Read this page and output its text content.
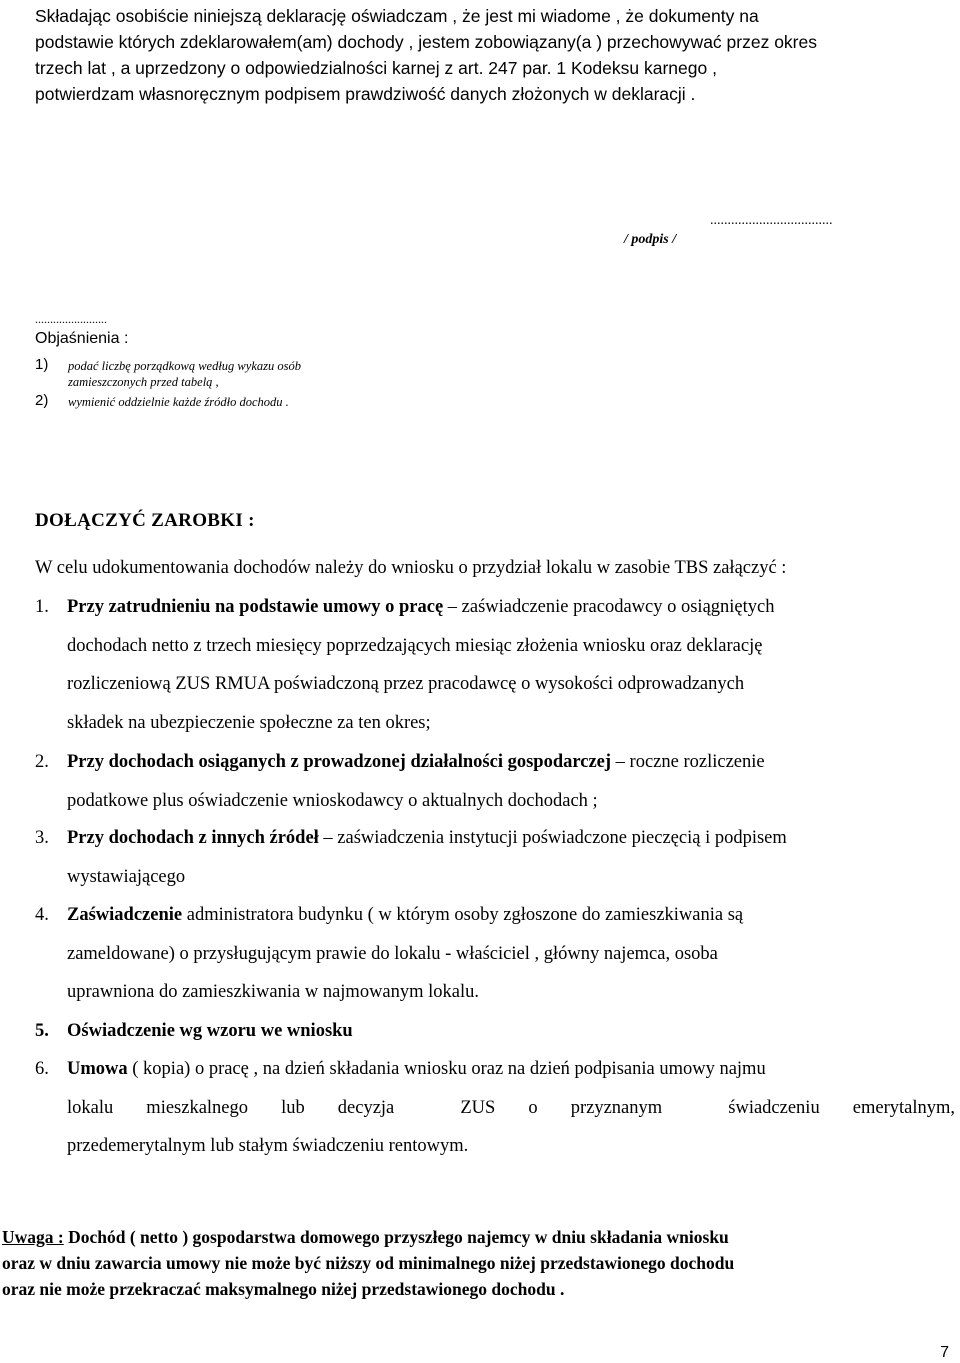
Składając osobiście niniejszą deklarację oświadczam , że jest mi wiadome , że dokumenty na
podstawie których zdeklarowałem(am) dochody , jestem zobowiązany(a ) przechowywać przez okres
trzech lat , a uprzedzony o odpowiedzialności karnej z art. 247 par. 1 Kodeksu karnego ,
potwierdzam własnoręcznym podpisem prawdziwość danych złożonych w deklaracji .
...................................
/ podpis /
........................
Objaśnienia :
1) podać liczbę porządkową według wykazu osób
zamieszczonych przed tabelą ,
2) wymienić oddzielnie każde źródło dochodu .
DOŁĄCZYĆ ZAROBKI :
W celu udokumentowania dochodów należy do wniosku o przydział lokalu w zasobie TBS załączyć :
1. Przy zatrudnieniu na podstawie umowy o pracę – zaświadczenie pracodawcy o osiągniętych
dochodach netto z trzech miesięcy poprzedzających miesiąc złożenia wniosku oraz deklarację
rozliczeniową ZUS RMUA poświadczoną przez pracodawcę o wysokości odprowadzanych
składek na ubezpieczenie społeczne za ten okres;
2. Przy dochodach osiąganych z prowadzonej działalności gospodarczej – roczne rozliczenie
podatkowe plus oświadczenie wnioskodawcy o aktualnych dochodach ;
3. Przy dochodach z innych źródeł – zaświadczenia instytucji poświadczone pieczęcią i podpisem
wystawiającego
4. Zaświadczenie administratora budynku ( w którym osoby zgłoszone do zamieszkiwania są
zameldowane) o przysługującym prawie do lokalu - właściciel , główny najemca, osoba
uprawniona do zamieszkiwania w najmowanym lokalu.
5. Oświadczenie wg wzoru we wniosku
6. Umowa ( kopia) o pracę , na dzień składania wniosku oraz na dzień podpisania umowy najmu
lokalu  mieszkalnego  lub  decyzja    ZUS  o  przyznanym    świadczeniu  emerytalnym,
przedemerytalnym lub stałym świadczeniu rentowym.
Uwaga : Dochód ( netto ) gospodarstwa domowego przyszłego najemcy w dniu składania wniosku
oraz w dniu zawarcia umowy nie może być niższy od minimalnego niżej przedstawionego dochodu
oraz nie może przekraczać maksymalnego niżej przedstawionego dochodu .
7
